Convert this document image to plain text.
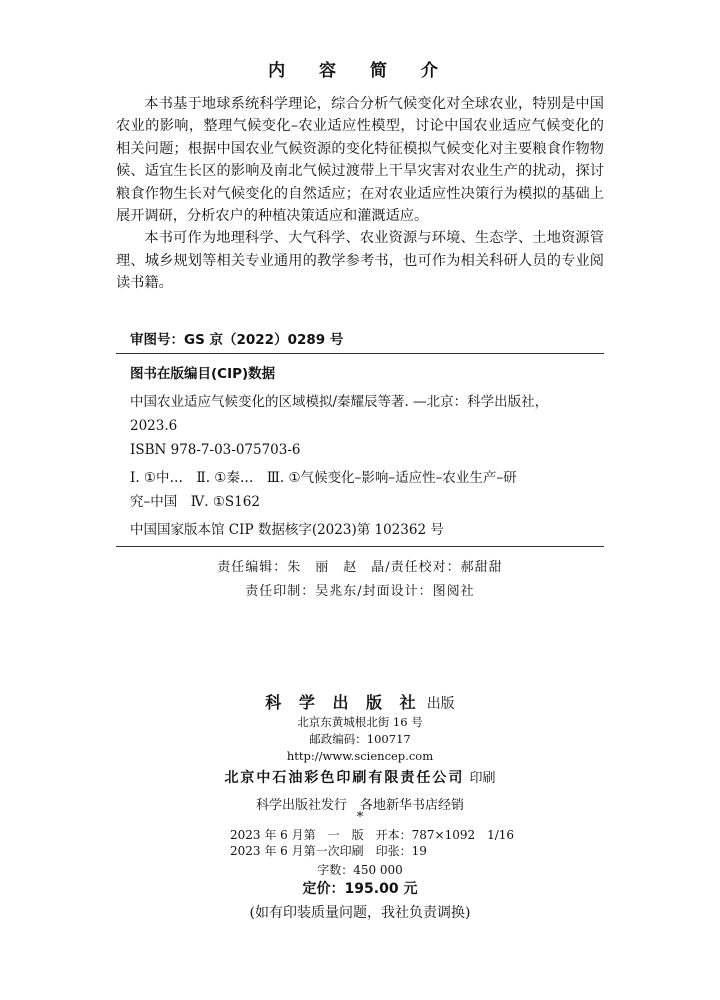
内 容 简 介

本书基于地球系统科学理论，综合分析气候变化对全球农业，特别是中国农业的影响，整理气候变化–农业适应性模型，讨论中国农业适应气候变化的相关问题；根据中国农业气候资源的变化特征模拟气候变化对主要粮食作物物候、适宜生长区的影响及南北气候过渡带上干旱灾害对农业生产的扰动，探讨粮食作物生长对气候变化的自然适应；在对农业适应性决策行为模拟的基础上展开调研，分析农户的种植决策适应和灌溉适应。

本书可作为地理科学、大气科学、农业资源与环境、生态学、土地资源管理、城乡规划等相关专业通用的教学参考书，也可作为相关科研人员的专业阅读书籍。

审图号：GS 京（2022）0289 号
图书在版编目(CIP)数据
中国农业适应气候变化的区域模拟/秦耀辰等著. —北京：科学出版社，
2023.6
ISBN 978-7-03-075703-6
Ⅰ. ①中…　Ⅱ. ①秦…　Ⅲ. ①气候变化–影响–适应性–农业生产–研
究–中国　Ⅳ. ①S162
中国国家版本馆 CIP 数据核字(2023)第 102362 号
责任编辑：朱　丽　赵　晶/责任校对：郝甜甜
责任印制：吴兆东/封面设计：图阅社
科 学 出 版 社 出版
北京东黄城根北街 16 号
邮政编码：100717
http://www.sciencep.com
北京中石油彩色印刷有限责任公司 印刷
科学出版社发行　各地新华书店经销
*
2023 年 6 月第　一　版　开本：787×1092　1/16
2023 年 6 月第一次印刷　印张：19
字数：450 000
定价：195.00 元
(如有印装质量问题，我社负责调换)
